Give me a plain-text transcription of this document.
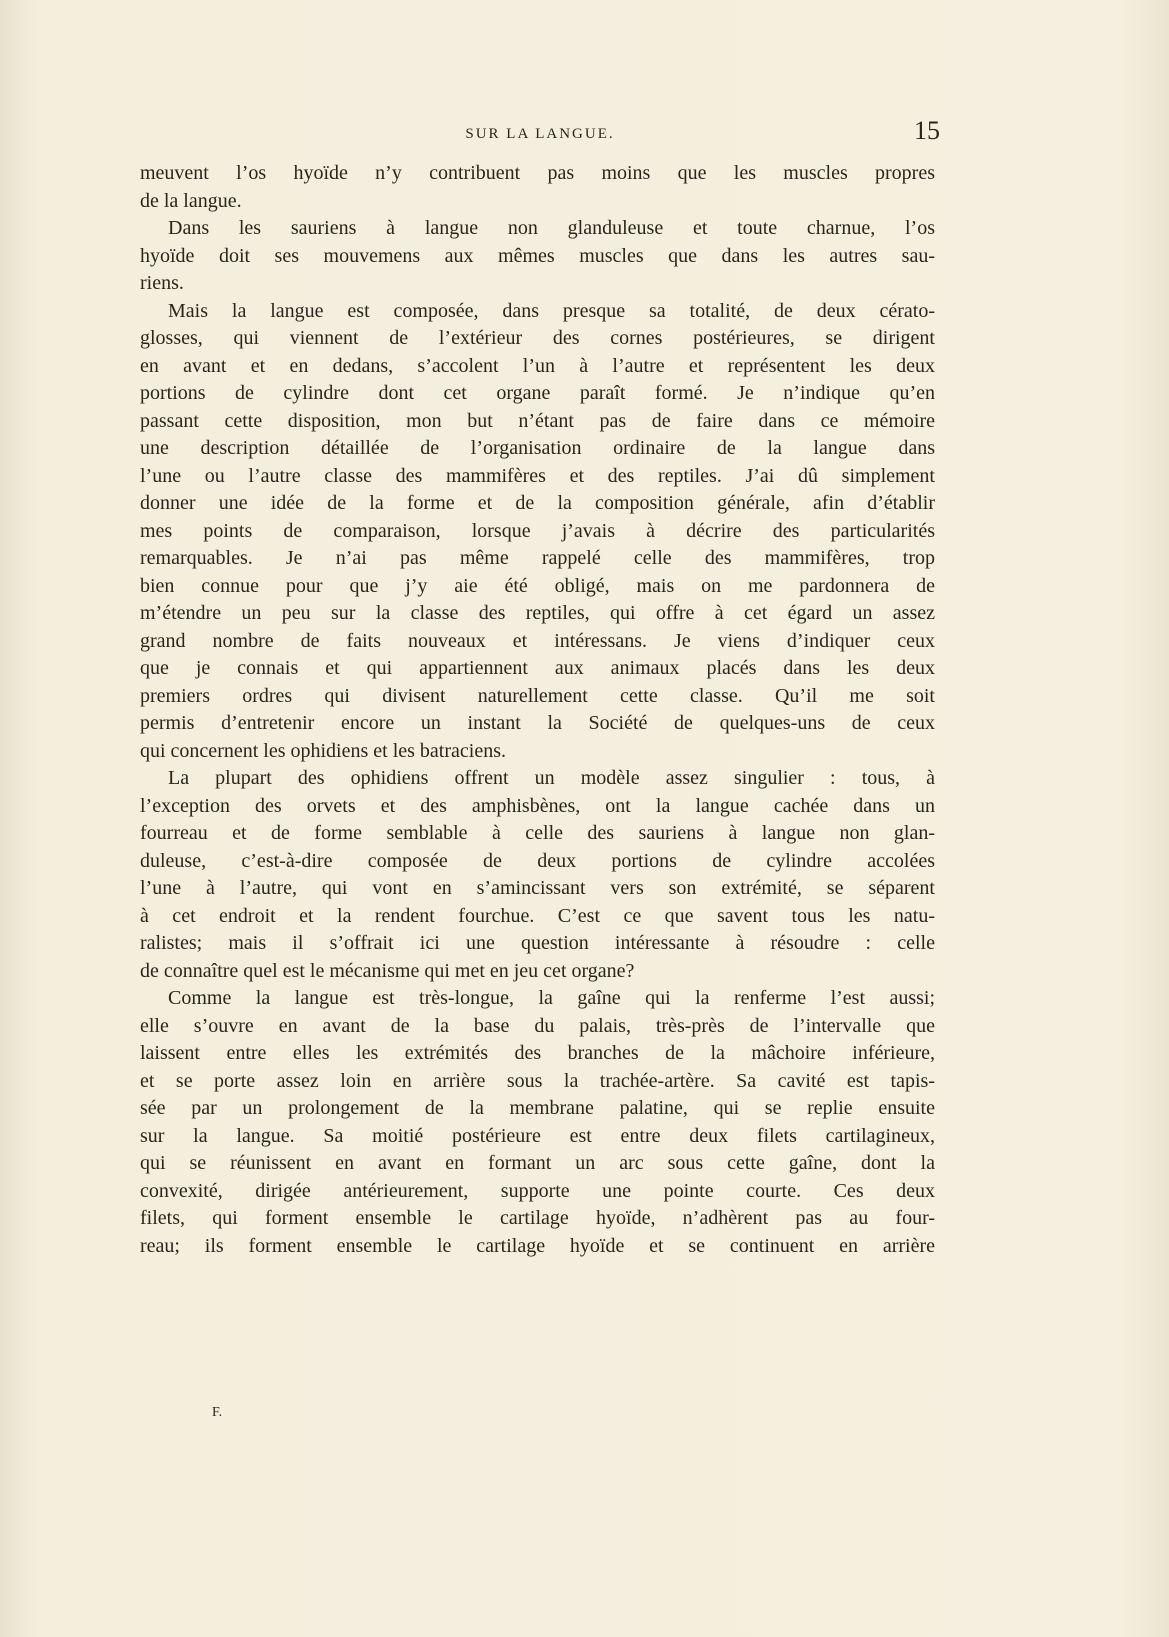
SUR LA LANGUE.	15
meuvent l’os hyoïde n’y contribuent pas moins que les muscles propres
de la langue.
Dans les sauriens à langue non glanduleuse et toute charnue, l’os
hyoïde doit ses mouvemens aux mêmes muscles que dans les autres sau-
riens.
Mais la langue est composée, dans presque sa totalité, de deux cérato-
glosses, qui viennent de l’extérieur des cornes postérieures, se dirigent
en avant et en dedans, s’accolent l’un à l’autre et représentent les deux
portions de cylindre dont cet organe paraît formé. Je n’indique qu’en
passant cette disposition, mon but n’étant pas de faire dans ce mémoire
une description détaillée de l’organisation ordinaire de la langue dans
l’une ou l’autre classe des mammifères et des reptiles. J’ai dû simplement
donner une idée de la forme et de la composition générale, afin d’établir
mes points de comparaison, lorsque j’avais à décrire des particularités
remarquables. Je n’ai pas même rappelé celle des mammifères, trop
bien connue pour que j’y aie été obligé, mais on me pardonnera de
m’étendre un peu sur la classe des reptiles, qui offre à cet égard un assez
grand nombre de faits nouveaux et intéressans. Je viens d’indiquer ceux
que je connais et qui appartiennent aux animaux placés dans les deux
premiers ordres qui divisent naturellement cette classe. Qu’il me soit
permis d’entretenir encore un instant la Société de quelques-uns de ceux
qui concernent les ophidiens et les batraciens.
La plupart des ophidiens offrent un modèle assez singulier : tous, à
l’exception des orvets et des amphisbènes, ont la langue cachée dans un
fourreau et de forme semblable à celle des sauriens à langue non glan-
duleuse, c’est-à-dire composée de deux portions de cylindre accolées
l’une à l’autre, qui vont en s’amincissant vers son extrémité, se séparent
à cet endroit et la rendent fourchue. C’est ce que savent tous les natu-
ralistes; mais il s’offrait ici une question intéressante à résoudre : celle
de connaître quel est le mécanisme qui met en jeu cet organe?
Comme la langue est très-longue, la gaîne qui la renferme l’est aussi;
elle s’ouvre en avant de la base du palais, très-près de l’intervalle que
laissent entre elles les extrémités des branches de la mâchoire inférieure,
et se porte assez loin en arrière sous la trachée-artère. Sa cavité est tapis-
sée par un prolongement de la membrane palatine, qui se replie ensuite
sur la langue. Sa moitié postérieure est entre deux filets cartilagineux,
qui se réunissent en avant en formant un arc sous cette gaîne, dont la
convexité, dirigée antérieurement, supporte une pointe courte. Ces deux
filets, qui forment ensemble le cartilage hyoïde, n’adhèrent pas au four-
reau; ils forment ensemble le cartilage hyoïde et se continuent en arrière
F.
